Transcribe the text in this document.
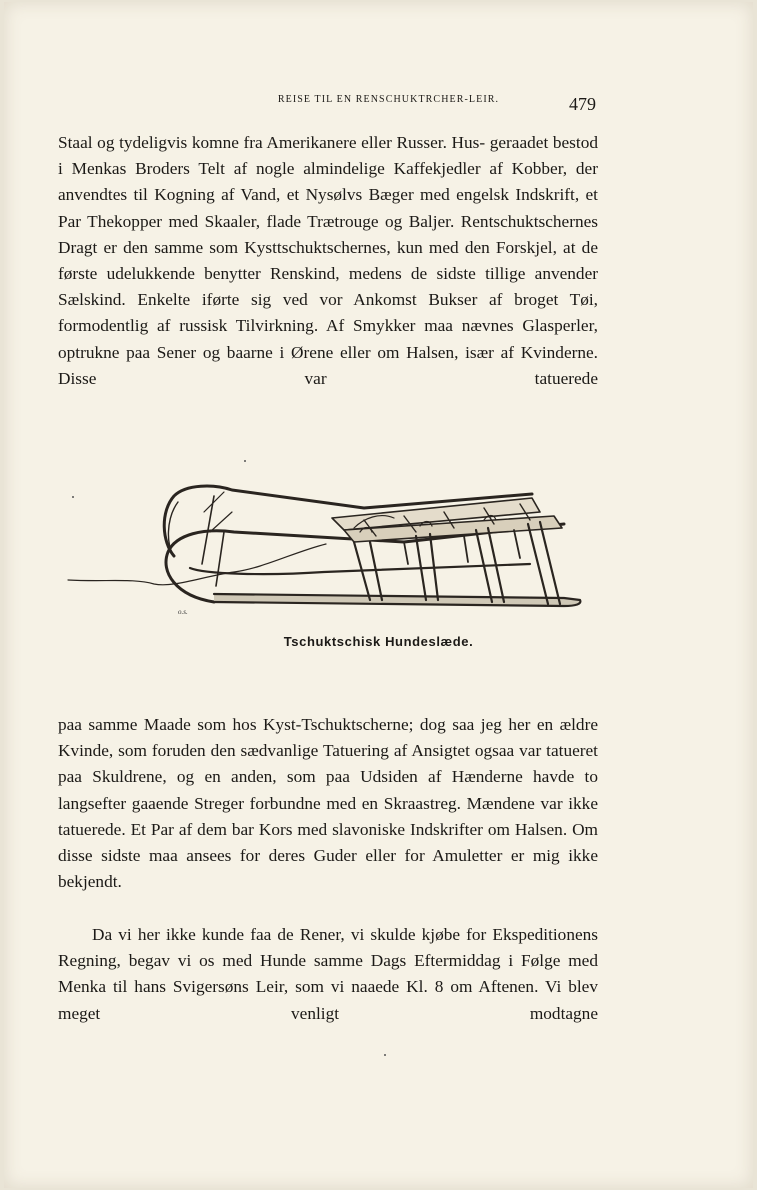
REISE TIL EN RENSCHUKTRCHER-LEIR.	479

Staal og tydeligvis komne fra Amerikanere eller Russer. Hus- geraadet bestod i Menkas Broders Telt af nogle almindelige Kaffekjedler af Kobber, der anvendtes til Kogning af Vand, et Nysølvs Bæger med engelsk Indskrift, et Par Thekopper med Skaaler, flade Trætrouge og Baljer. Rentschuktschernes Dragt er den samme som Kysttschuktschernes, kun med den Forskjel, at de første udelukkende benytter Renskind, medens de sidste tillige anvender Sælskind. Enkelte iførte sig ved vor Ankomst Bukser af broget Tøi, formodentlig af russisk Tilvirkning. Af Smykker maa nævnes Glasperler, optrukne paa Sener og baarne i Ørene eller om Halsen, især af Kvinderne. Disse var tatuerede

o.s.
Tschuktschisk Hundeslæde.

paa samme Maade som hos Kyst-Tschuktscherne; dog saa jeg her en ældre Kvinde, som foruden den sædvanlige Tatuering af Ansigtet ogsaa var tatueret paa Skuldrene, og en anden, som paa Udsiden af Hænderne havde to langsefter gaaende Streger forbundne med en Skraastreg. Mændene var ikke tatuerede. Et Par af dem bar Kors med slavoniske Indskrifter om Halsen. Om disse sidste maa ansees for deres Guder eller for Amuletter er mig ikke bekjendt.

Da vi her ikke kunde faa de Rener, vi skulde kjøbe for Ekspeditionens Regning, begav vi os med Hunde samme Dags Eftermiddag i Følge med Menka til hans Svigersøns Leir, som vi naaede Kl. 8 om Aftenen. Vi blev meget venligt modtagne
